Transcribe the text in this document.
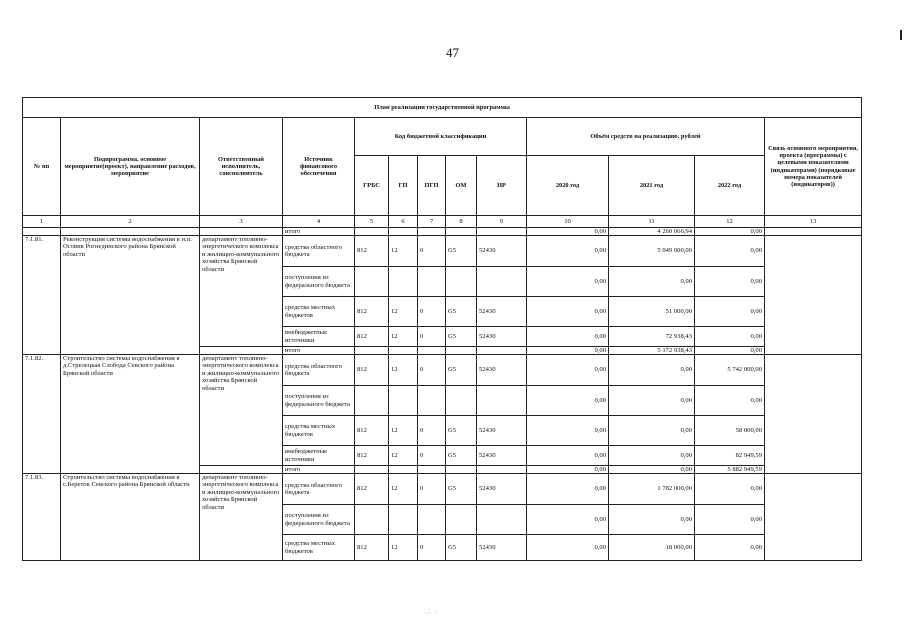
47
План реализации государственной программы												
№ пп	Подпрограмма, основное мероприятие(проект), направление расходов, мероприятие	Ответственный исполнитель, соисполнитель	Источник финансового обеспечения	Код бюджетной классификации					Объём средств на реализацию, рублей			Связь основного мероприятия, проекта (программы) с целевыми показателями (индикаторами) (порядковые номера показателей (индикаторов))
				ГРБС	ГП	ПГП	ОМ	НР	2020 год	2021 год	2022 год	
1	2	3	4	5	6	7	8	9	10	11	12	13
			итого						0,00	4 260 066,94	0,00	
7.1.81.	Реконструкция системы водоснабжения в н.п. Осовик Рогнединского района Брянской области	департамент топливно-энергетического комплекса и жилищно-коммунального хозяйства Брянской области	средства областного бюджета	812	12	0	G5	52430	0,00	5 049 000,00	0,00	
			поступления из федерального бюджета						0,00	0,00	0,00	
			средства местных бюджетов	812	12	0	G5	52430	0,00	51 000,00	0,00	
			внебюджетные источники	812	12	0	G5	52430	0,00	72 938,43	0,00	
			итого						0,00	5 172 938,43	0,00	
7.1.82.	Строительство системы водоснабжения в д.Стрелецкая Слобода Севского района Брянской области	департамент топливно-энергетического комплекса и жилищно-коммунального хозяйства Брянской области	средства областного бюджета	812	12	0	G5	52430	0,00	0,00	5 742 000,00	
			поступления из федерального бюджета						0,00	0,00	0,00	
			средства местных бюджетов	812	12	0	G5	52430	0,00	0,00	58 000,00	
			внебюджетные источники	812	12	0	G5	52430	0,00	0,00	82 949,59	
			итого						0,00	0,00	5 882 949,59	
7.1.83.	Строительство системы водоснабжения в с.Береток Севского района Брянской области	департамент топливно-энергетического комплекса и жилищно-коммунального хозяйства Брянской области	средства областного бюджета	812	12	0	G5	52430	0,00	1 782 000,00	0,00	
			поступления из федерального бюджета						0,00	0,00	0,00	
			средства местных бюджетов	812	12	0	G5	52430	0,00	18 000,00	0,00	
.: .
